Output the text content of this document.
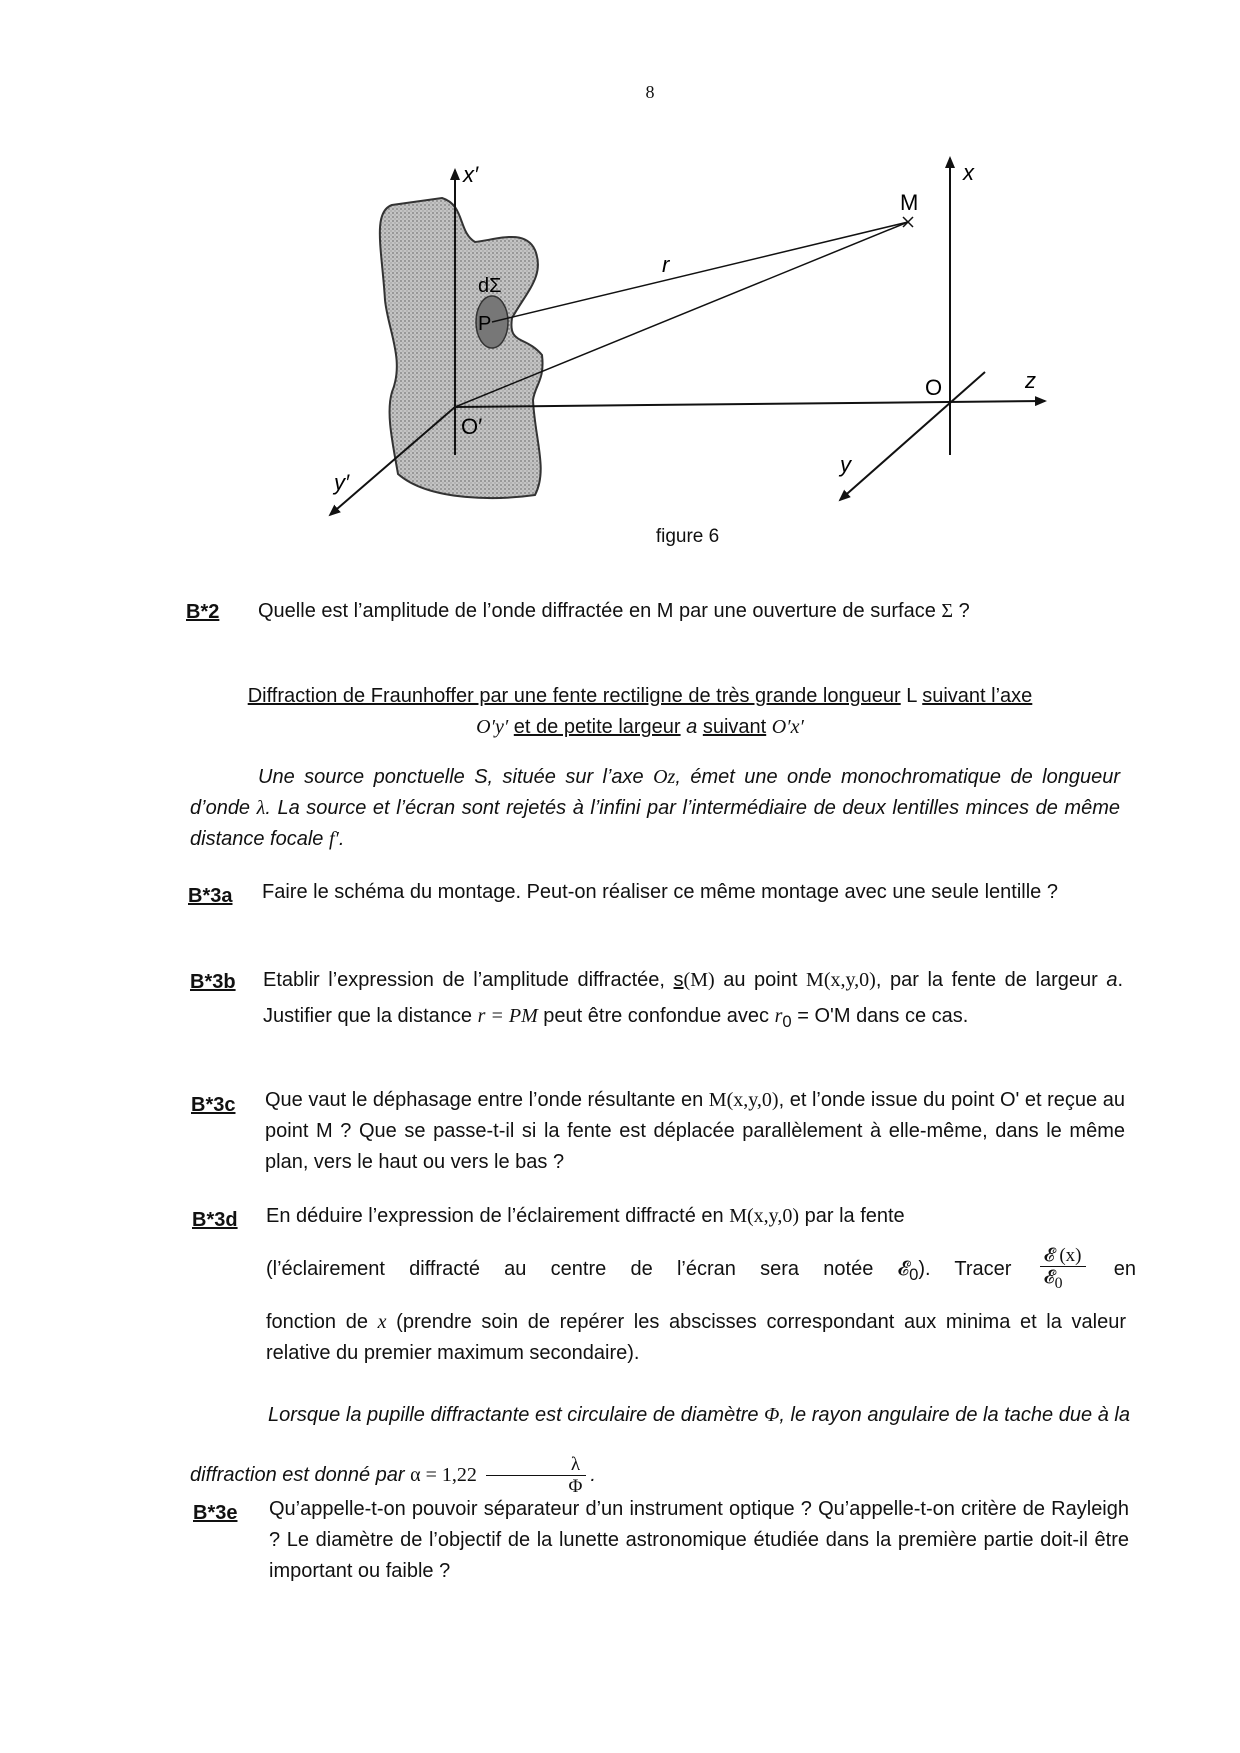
8
x′
dΣ
P
O′
y′
r
M
x
O	z
y
figure 6
B*2 Quelle est l’amplitude de l’onde diffractée en M par une ouverture de surface Σ ?
Diffraction de Fraunhoffer par une fente rectiligne de très grande longueur L suivant l’axe
O′y′ et de petite largeur a suivant O′x′
Une source ponctuelle S, située sur l’axe Oz, émet une onde monochromatique de longueur d’onde λ. La source et l’écran sont rejetés à l’infini par l’intermédiaire de deux lentilles minces de même distance focale f′.
B*3a Faire le schéma du montage. Peut-on réaliser ce même montage avec une seule lentille ?
B*3b Etablir l’expression de l’amplitude diffractée, s(M) au point M(x,y,0), par la fente de largeur a. Justifier que la distance r = PM peut être confondue avec $r_0 = O'M$ dans ce cas.
B*3c Que vaut le déphasage entre l’onde résultante en M(x,y,0), et l’onde issue du point O' et reçue au point M ? Que se passe-t-il si la fente est déplacée parallèlement à elle-même, dans le même plan, vers le haut ou vers le bas ?
B*3d En déduire l’expression de l’éclairement diffracté en M(x,y,0) par la fente
(l’éclairement diffracté au centre de l’écran sera notée 𝓔$_0$). Tracer $\frac{\text{𝓔 (x)}}{𝓔_0}$ en
fonction de x (prendre soin de repérer les abscisses correspondant aux minima et la valeur relative du premier maximum secondaire).
Lorsque la pupille diffractante est circulaire de diamètre Φ, le rayon angulaire de la tache due à la diffraction est donné par $\alpha = 1,22 \frac{\lambda}{\Phi}$ .
B*3e Qu’appelle-t-on pouvoir séparateur d’un instrument optique ? Qu’appelle-t-on critère de Rayleigh ? Le diamètre de l’objectif de la lunette astronomique étudiée dans la première partie doit-il être important ou faible ?
